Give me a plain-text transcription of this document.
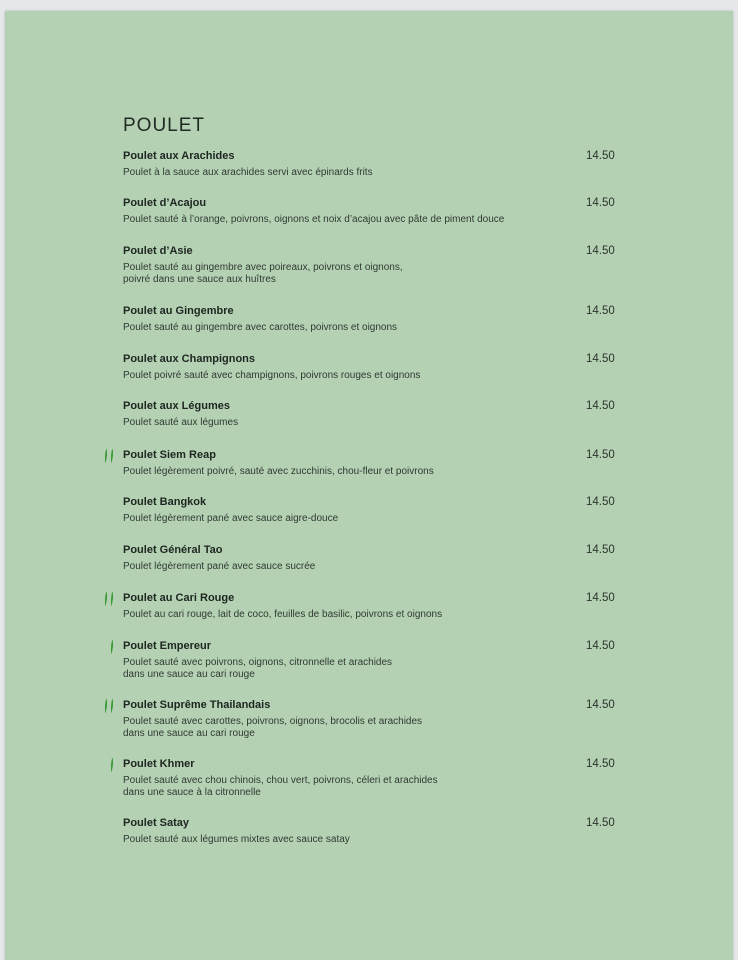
POULET
Poulet aux Arachides	14.50
Poulet à la sauce aux arachides servi avec épinards frits
Poulet d’Acajou	14.50
Poulet sauté à l’orange, poivrons, oignons et noix d’acajou avec pâte de piment douce
Poulet d’Asie	14.50
Poulet sauté au gingembre avec poireaux, poivrons et oignons,
poivré dans une sauce aux huîtres
Poulet au Gingembre	14.50
Poulet sauté au gingembre avec carottes, poivrons et oignons
Poulet aux Champignons	14.50
Poulet poivré sauté avec champignons, poivrons rouges et oignons
Poulet aux Légumes	14.50
Poulet sauté aux légumes
Poulet Siem Reap	14.50
Poulet légèrement poivré, sauté avec zucchinis, chou-fleur et poivrons
Poulet Bangkok	14.50
Poulet légèrement pané avec sauce aigre-douce
Poulet Général Tao	14.50
Poulet légèrement pané avec sauce sucrée
Poulet au Cari Rouge	14.50
Poulet au cari rouge, lait de coco, feuilles de basilic, poivrons et oignons
Poulet Empereur	14.50
Poulet sauté avec poivrons, oignons, citronnelle et arachides
dans une sauce au cari rouge
Poulet Suprême Thailandais	14.50
Poulet sauté avec carottes, poivrons, oignons, brocolis et arachides
dans une sauce au cari rouge
Poulet Khmer	14.50
Poulet sauté avec chou chinois, chou vert, poivrons, céleri et arachides
dans une sauce à la citronnelle
Poulet Satay	14.50
Poulet sauté aux légumes mixtes avec sauce satay
